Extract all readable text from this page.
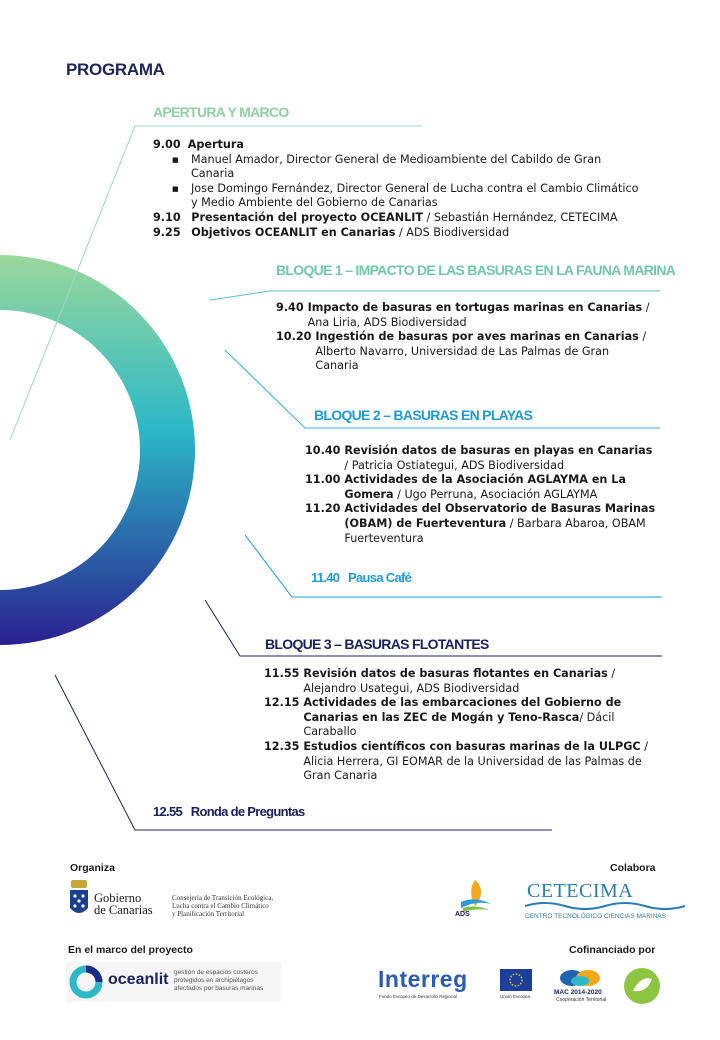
PROGRAMA
APERTURA Y MARCO
9.00 Apertura
■ Manuel Amador, Director General de Medioambiente del Cabildo de Gran Canaria
■ Jose Domingo Fernández, Director General de Lucha contra el Cambio Climático y Medio Ambiente del Gobierno de Canarias
9.10 Presentación del proyecto OCEANLIT / Sebastián Hernández, CETECIMA
9.25 Objetivos OCEANLIT en Canarias / ADS Biodiversidad
BLOQUE 1 – IMPACTO DE LAS BASURAS EN LA FAUNA MARINA
9.40 Impacto de basuras en tortugas marinas en Canarias / Ana Liria, ADS Biodiversidad
10.20 Ingestión de basuras por aves marinas en Canarias / Alberto Navarro, Universidad de Las Palmas de Gran Canaria
BLOQUE 2 – BASURAS EN PLAYAS
10.40 Revisión datos de basuras en playas en Canarias / Patricia Ostiategui, ADS Biodiversidad
11.00 Actividades de la Asociación AGLAYMA en La Gomera / Ugo Perruna, Asociación AGLAYMA
11.20 Actividades del Observatorio de Basuras Marinas (OBAM) de Fuerteventura / Barbara Abaroa, OBAM Fuerteventura
11.40   Pausa Café
BLOQUE 3 – BASURAS FLOTANTES
11.55 Revisión datos de basuras flotantes en Canarias / Alejandro Usategui, ADS Biodiversidad
12.15 Actividades de las embarcaciones del Gobierno de Canarias en las ZEC de Mogán y Teno-Rasca/ Dácil Caraballo
12.35 Estudios científicos con basuras marinas de la ULPGC / Alicia Herrera, GI EOMAR de la Universidad de las Palmas de Gran Canaria
12.55   Ronda de Preguntas
Organiza	Colabora
En el marco del proyecto	Cofinanciado por
Gobierno
de Canarias
Consejería de Transición Ecológica,
Lucha contra el Cambio Climático
y Planificación Territorial	ADS
CETECIMA
CENTRO TECNOLÓGICO CIENCIAS MARINAS
oceanlit gestión de espacios costeros
protegidos en archipiélagos
afectados por basuras marinas	Interreg
Fondo Europeo de Desarrollo Regional	Unión Europea
MAC 2014-2020
Cooperación Territorial
